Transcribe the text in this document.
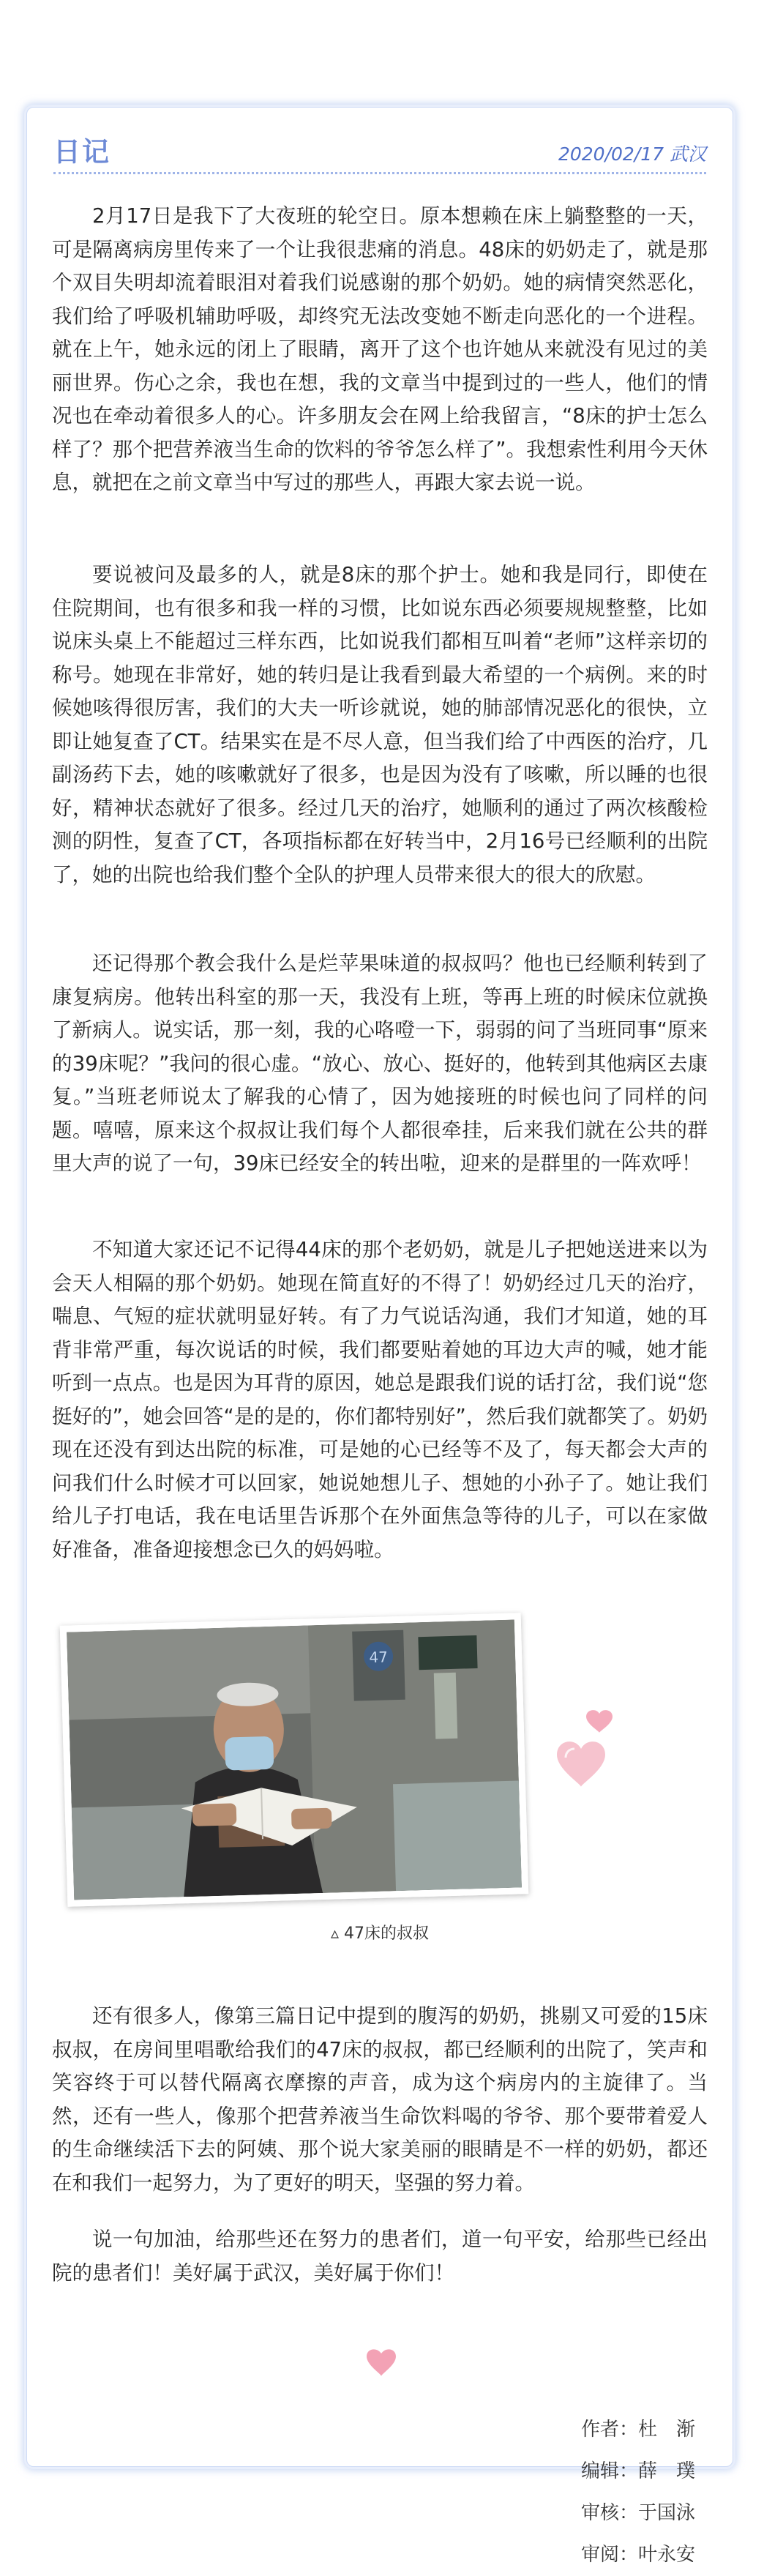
日记	2020/02/17 武汉

2月17日是我下了大夜班的轮空日。原本想赖在床上躺整整的一天，可是隔离病房里传来了一个让我很悲痛的消息。48床的奶奶走了，就是那个双目失明却流着眼泪对着我们说感谢的那个奶奶。她的病情突然恶化，我们给了呼吸机辅助呼吸，却终究无法改变她不断走向恶化的一个进程。就在上午，她永远的闭上了眼睛，离开了这个也许她从来就没有见过的美丽世界。伤心之余，我也在想，我的文章当中提到过的一些人，他们的情况也在牵动着很多人的心。许多朋友会在网上给我留言，“8床的护士怎么样了？那个把营养液当生命的饮料的爷爷怎么样了”。我想索性利用今天休息，就把在之前文章当中写过的那些人，再跟大家去说一说。

要说被问及最多的人，就是8床的那个护士。她和我是同行，即使在住院期间，也有很多和我一样的习惯，比如说东西必须要规规整整，比如说床头桌上不能超过三样东西，比如说我们都相互叫着“老师”这样亲切的称号。她现在非常好，她的转归是让我看到最大希望的一个病例。来的时候她咳得很厉害，我们的大夫一听诊就说，她的肺部情况恶化的很快，立即让她复查了CT。结果实在是不尽人意，但当我们给了中西医的治疗，几副汤药下去，她的咳嗽就好了很多，也是因为没有了咳嗽，所以睡的也很好，精神状态就好了很多。经过几天的治疗，她顺利的通过了两次核酸检测的阴性，复查了CT，各项指标都在好转当中，2月16号已经顺利的出院了，她的出院也给我们整个全队的护理人员带来很大的很大的欣慰。

还记得那个教会我什么是烂苹果味道的叔叔吗？他也已经顺利转到了康复病房。他转出科室的那一天，我没有上班，等再上班的时候床位就换了新病人。说实话，那一刻，我的心咯噔一下，弱弱的问了当班同事“原来的39床呢？”我问的很心虚。“放心、放心、挺好的，他转到其他病区去康复。”当班老师说太了解我的心情了，因为她接班的时候也问了同样的问题。嘻嘻，原来这个叔叔让我们每个人都很牵挂，后来我们就在公共的群里大声的说了一句，39床已经安全的转出啦，迎来的是群里的一阵欢呼！

不知道大家还记不记得44床的那个老奶奶，就是儿子把她送进来以为会天人相隔的那个奶奶。她现在简直好的不得了！奶奶经过几天的治疗，喘息、气短的症状就明显好转。有了力气说话沟通，我们才知道，她的耳背非常严重，每次说话的时候，我们都要贴着她的耳边大声的喊，她才能听到一点点。也是因为耳背的原因，她总是跟我们说的话打岔，我们说“您挺好的”，她会回答“是的是的，你们都特别好”，然后我们就都笑了。奶奶现在还没有到达出院的标准，可是她的心已经等不及了，每天都会大声的问我们什么时候才可以回家，她说她想儿子、想她的小孙子了。她让我们给儿子打电话，我在电话里告诉那个在外面焦急等待的儿子，可以在家做好准备，准备迎接想念已久的妈妈啦。

47
▵ 47床的叔叔

还有很多人，像第三篇日记中提到的腹泻的奶奶，挑剔又可爱的15床叔叔，在房间里唱歌给我们的47床的叔叔，都已经顺利的出院了，笑声和笑容终于可以替代隔离衣摩擦的声音，成为这个病房内的主旋律了。当然，还有一些人，像那个把营养液当生命饮料喝的爷爷、那个要带着爱人的生命继续活下去的阿姨、那个说大家美丽的眼睛是不一样的奶奶，都还在和我们一起努力，为了更好的明天，坚强的努力着。

说一句加油，给那些还在努力的患者们，道一句平安，给那些已经出院的患者们！美好属于武汉，美好属于你们！

作者： 杜　渐
编辑： 薛　璞
审核： 于国泳
审阅： 叶永安
